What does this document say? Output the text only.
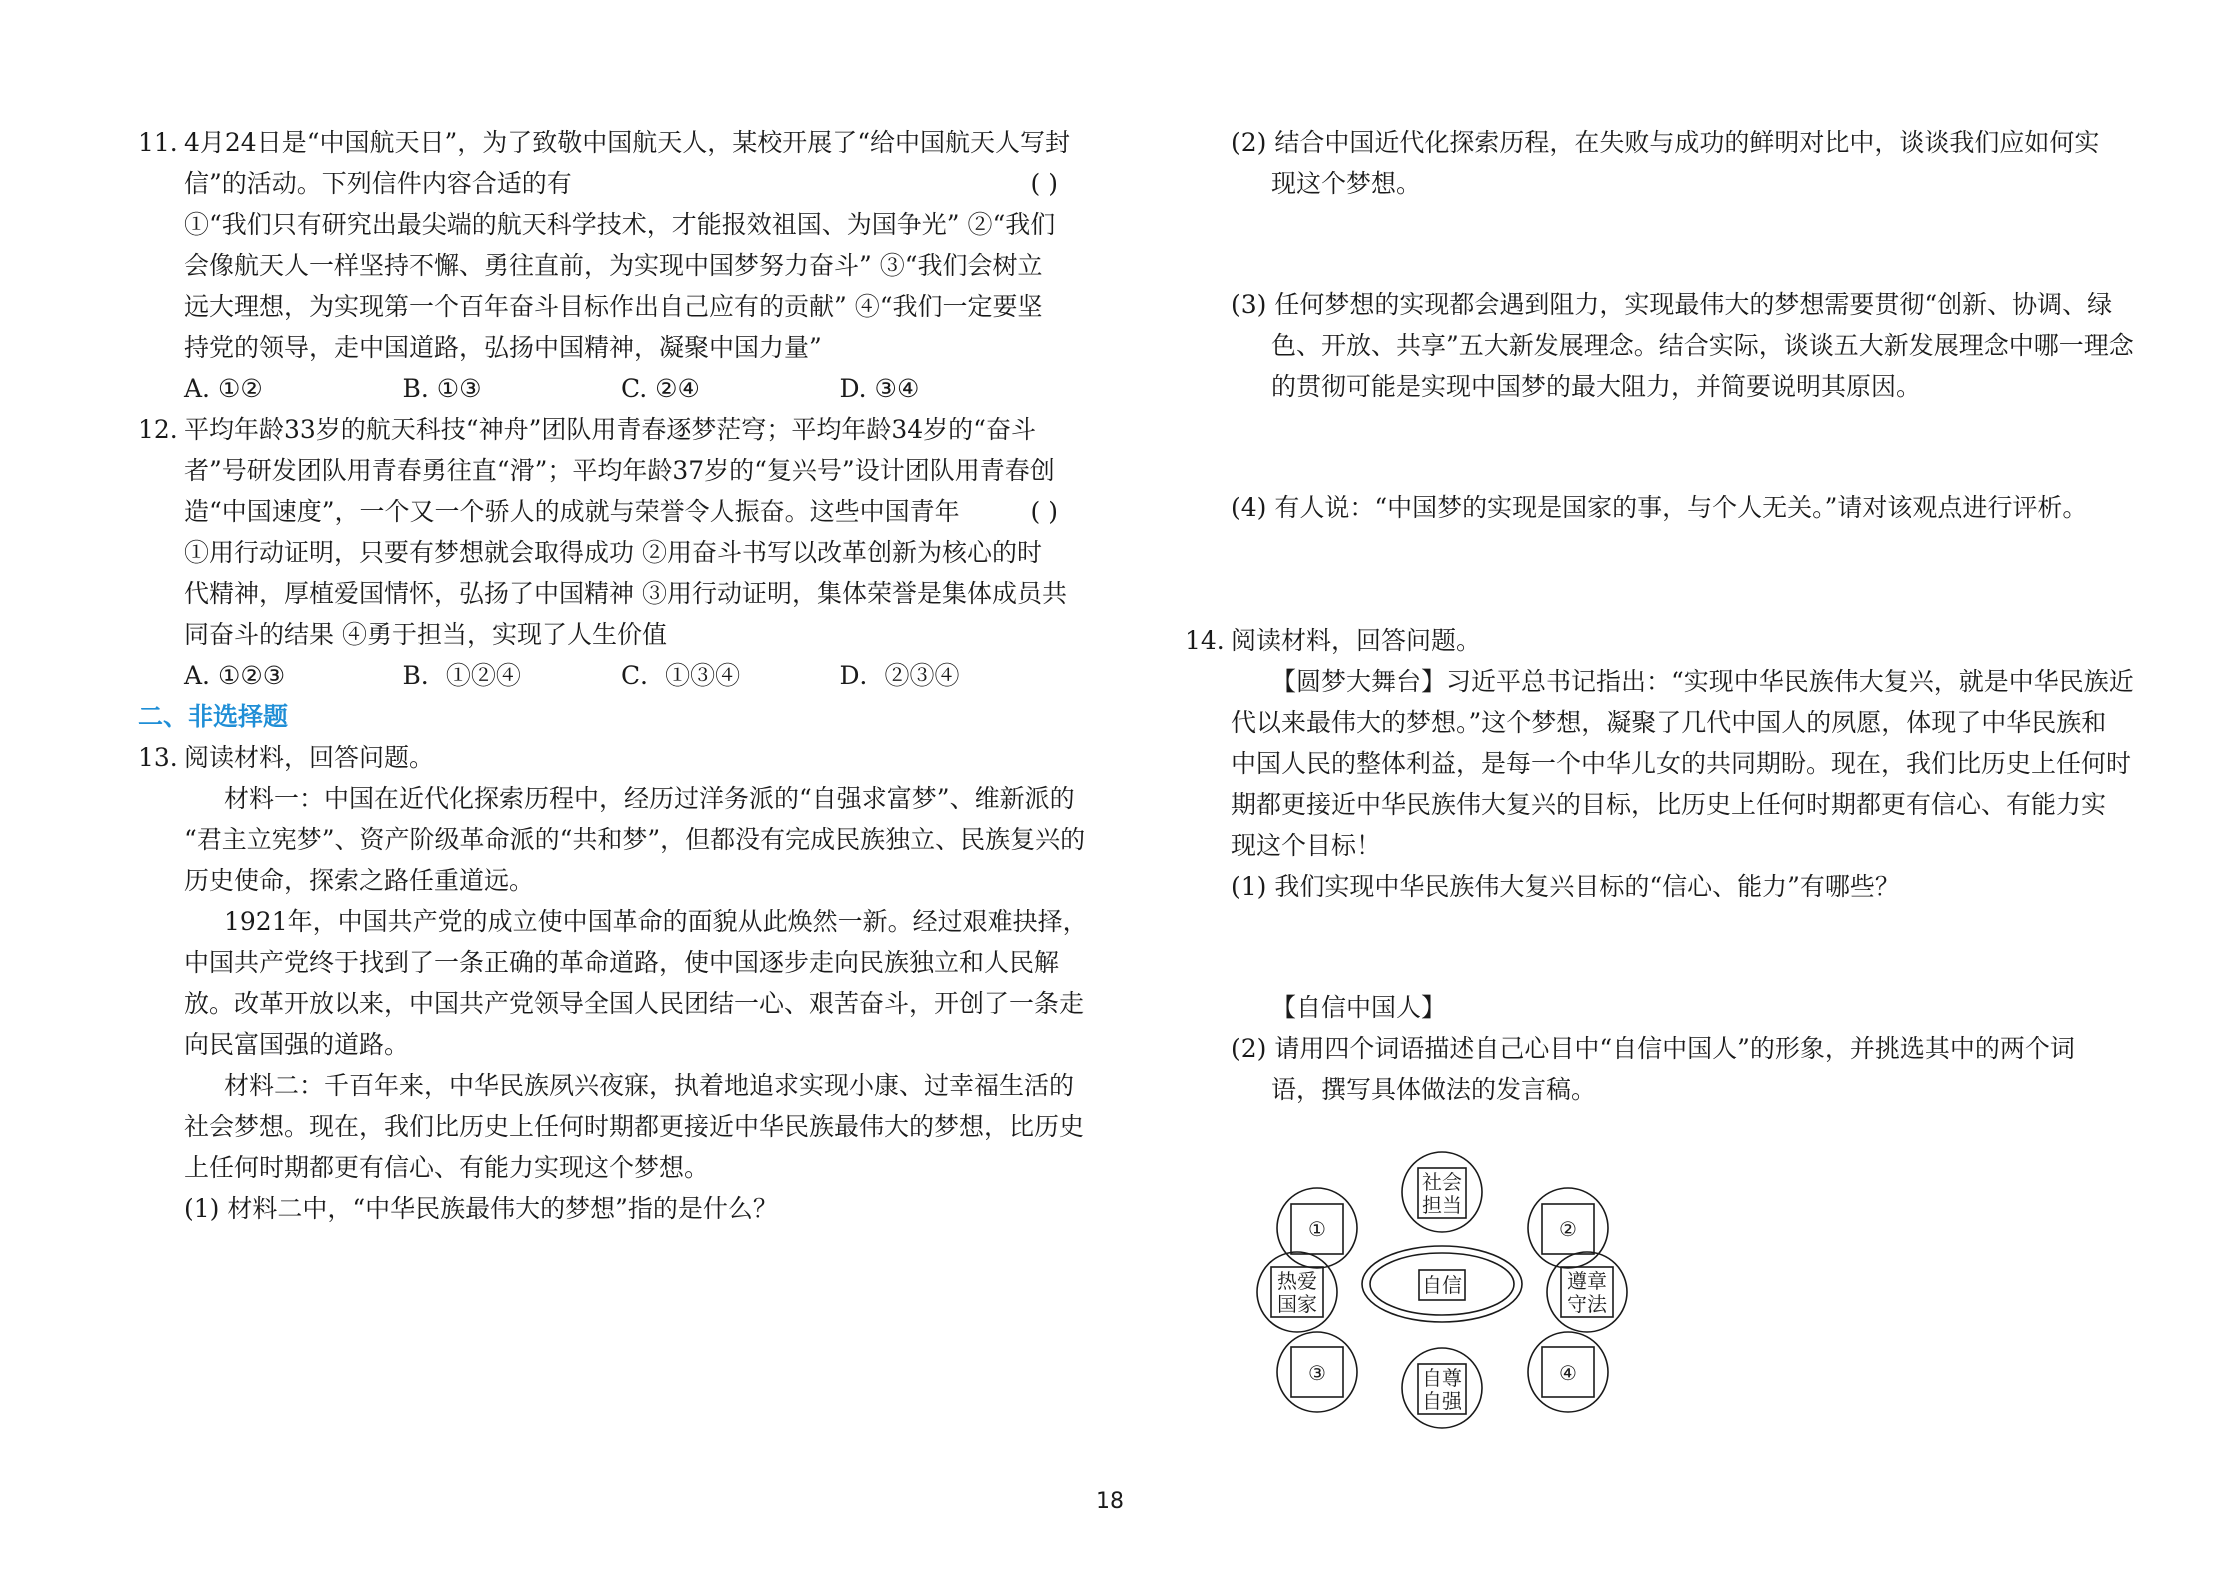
11. 4月24日是“中国航天日”，为了致敬中国航天人，某校开展了“给中国航天人写封
信”的活动。下列信件内容合适的有	( )
①“我们只有研究出最尖端的航天科学技术，才能报效祖国、为国争光” ②“我们
会像航天人一样坚持不懈、勇往直前，为实现中国梦努力奋斗” ③“我们会树立
远大理想，为实现第一个百年奋斗目标作出自己应有的贡献” ④“我们一定要坚
持党的领导，走中国道路，弘扬中国精神，凝聚中国力量”
A. ①②	B. ①③	C. ②④	D. ③④
12. 平均年龄33岁的航天科技“神舟”团队用青春逐梦茫穹；平均年龄34岁的“奋斗
者”号研发团队用青春勇往直“滑”；平均年龄37岁的“复兴号”设计团队用青春创
造“中国速度”，一个又一个骄人的成就与荣誉令人振奋。这些中国青年	( )
①用行动证明，只要有梦想就会取得成功 ②用奋斗书写以改革创新为核心的时
代精神，厚植爱国情怀，弘扬了中国精神 ③用行动证明，集体荣誉是集体成员共
同奋斗的结果 ④勇于担当，实现了人生价值
A. ①②③	B．①②④	C．①③④	D．②③④
二、非选择题
13. 阅读材料，回答问题。
材料一：中国在近代化探索历程中，经历过洋务派的“自强求富梦”、维新派的
“君主立宪梦”、资产阶级革命派的“共和梦”，但都没有完成民族独立、民族复兴的
历史使命，探索之路任重道远。
1921年，中国共产党的成立使中国革命的面貌从此焕然一新。经过艰难抉择，
中国共产党终于找到了一条正确的革命道路，使中国逐步走向民族独立和人民解
放。改革开放以来，中国共产党领导全国人民团结一心、艰苦奋斗，开创了一条走
向民富国强的道路。
材料二：千百年来，中华民族夙兴夜寐，执着地追求实现小康、过幸福生活的
社会梦想。现在，我们比历史上任何时期都更接近中华民族最伟大的梦想，比历史
上任何时期都更有信心、有能力实现这个梦想。
(1) 材料二中，“中华民族最伟大的梦想”指的是什么？
(2) 结合中国近代化探索历程，在失败与成功的鲜明对比中，谈谈我们应如何实
现这个梦想。
(3) 任何梦想的实现都会遇到阻力，实现最伟大的梦想需要贯彻“创新、协调、绿
色、开放、共享”五大新发展理念。结合实际，谈谈五大新发展理念中哪一理念
的贯彻可能是实现中国梦的最大阻力，并简要说明其原因。
(4) 有人说：“中国梦的实现是国家的事，与个人无关。”请对该观点进行评析。
14. 阅读材料，回答问题。
【圆梦大舞台】习近平总书记指出：“实现中华民族伟大复兴，就是中华民族近
代以来最伟大的梦想。”这个梦想，凝聚了几代中国人的夙愿，体现了中华民族和
中国人民的整体利益，是每一个中华儿女的共同期盼。现在，我们比历史上任何时
期都更接近中华民族伟大复兴的目标，比历史上任何时期都更有信心、有能力实
现这个目标！
(1) 我们实现中华民族伟大复兴目标的“信心、能力”有哪些？
【自信中国人】
(2) 请用四个词语描述自己心目中“自信中国人”的形象，并挑选其中的两个词
语，撰写具体做法的发言稿。
自信
①	②
③	④
社会
担当
热爱
国家
遵章
守法
自尊
自强
18
